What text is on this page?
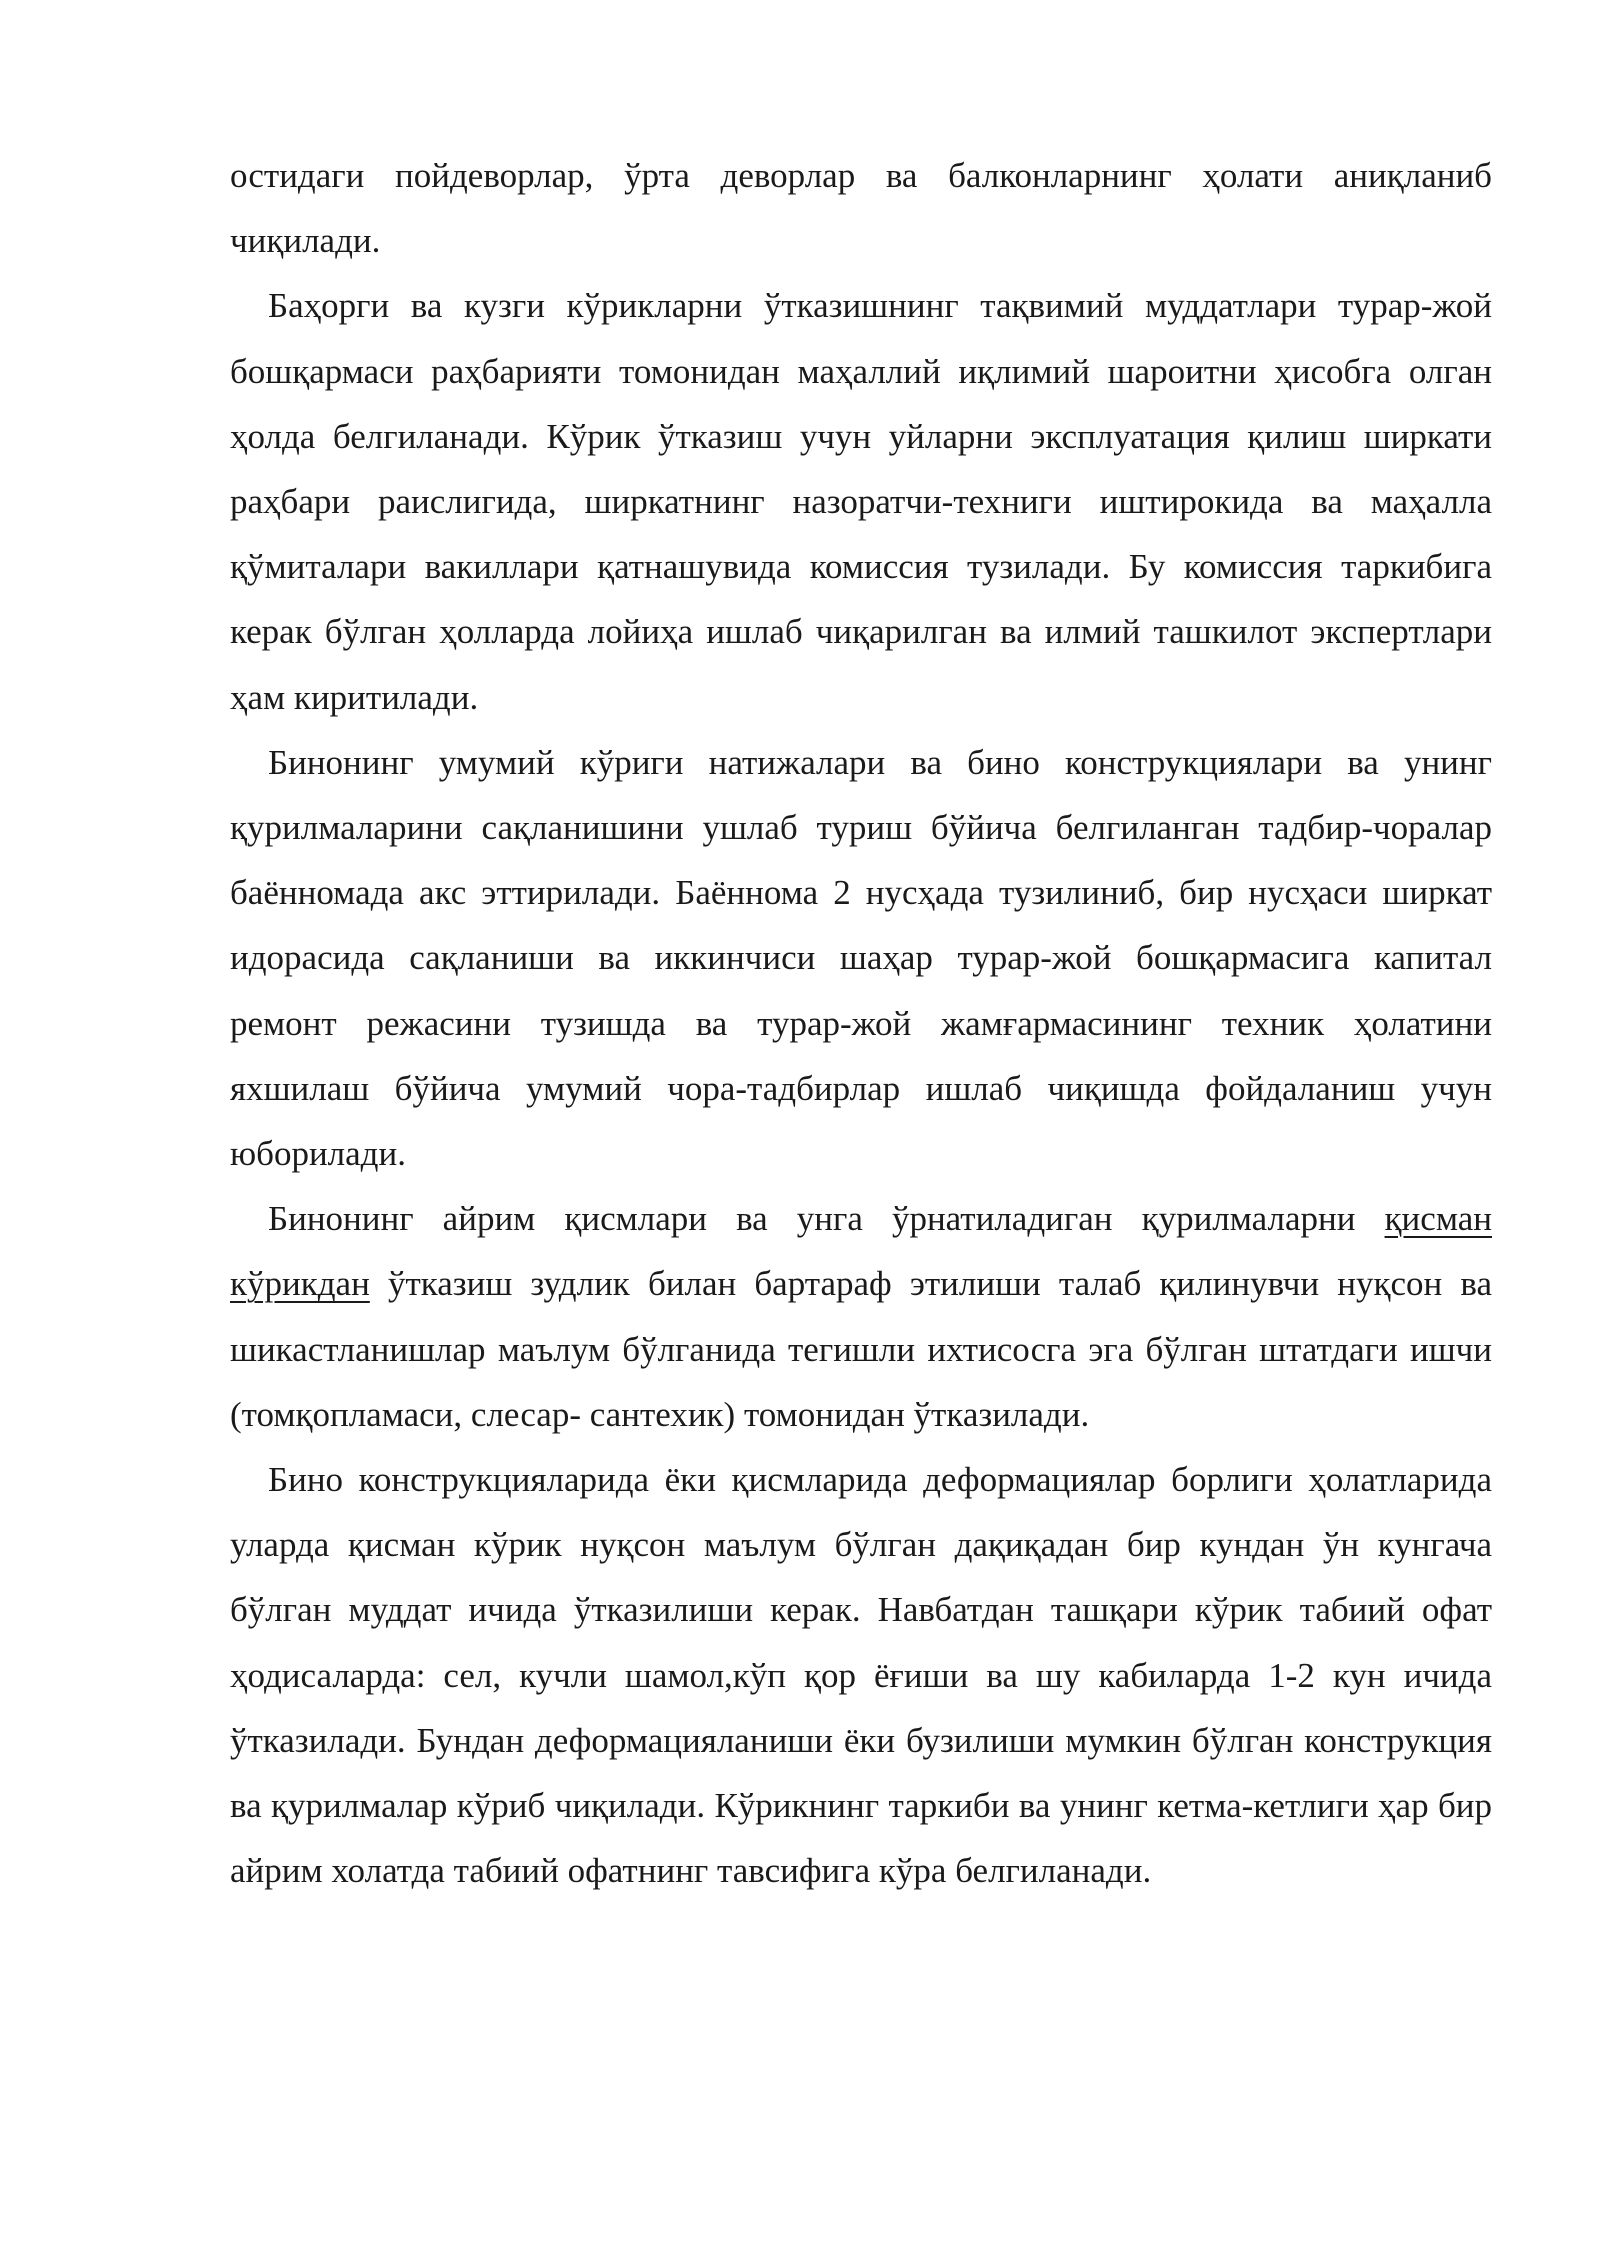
остидаги пойдеворлар, ўрта деворлар ва балконларнинг ҳолати аниқланиб чиқилади.

Баҳорги ва кузги кўрикларни ўтказишнинг тақвимий муддатлари турар-жой бошқармаси раҳбарияти томонидан маҳаллий иқлимий шароитни ҳисобга олган ҳолда белгиланади. Кўрик ўтказиш учун уйларни эксплуатация қилиш ширкати раҳбари раислигида, ширкатнинг назоратчи-техниги иштирокида ва маҳалла қўмиталари вакиллари қатнашувида комиссия тузилади. Бу комиссия таркибига керак бўлган ҳолларда лойиҳа ишлаб чиқарилган ва илмий ташкилот экспертлари ҳам киритилади.

Бинонинг умумий кўриги натижалари ва бино конструкциялари ва унинг қурилмаларини сақланишини ушлаб туриш бўйича белгиланган тадбир-чоралар баённомада акс эттирилади. Баённома 2 нусҳада тузилиниб, бир нусҳаси ширкат идорасида сақланиши ва иккинчиси шаҳар турар-жой бошқармасига капитал ремонт режасини тузишда ва турар-жой жамғармасининг техник ҳолатини яхшилаш бўйича умумий чора-тадбирлар ишлаб чиқишда фойдаланиш учун юборилади.

Бинонинг айрим қисмлари ва унга ўрнатиладиган қурилмаларни қисман кўрикдан ўтказиш зудлик билан бартараф этилиши талаб қилинувчи нуқсон ва шикастланишлар маълум бўлганида тегишли ихтисосга эга бўлган штатдаги ишчи (томқопламаси, слесар- сантехик) томонидан ўтказилади.

Бино конструкцияларида ёки қисмларида деформациялар борлиги ҳолатларида уларда қисман кўрик нуқсон маълум бўлган дақиқадан бир кундан ўн кунгача бўлган муддат ичида ўтказилиши керак. Навбатдан ташқари кўрик табиий офат ҳодисаларда: сел, кучли шамол,кўп қор ёғиши ва шу кабиларда 1-2 кун ичида ўтказилади. Бундан деформацияланиши ёки бузилиши мумкин бўлган конструкция ва қурилмалар кўриб чиқилади. Кўрикнинг таркиби ва унинг кетма-кетлиги ҳар бир айрим холатда табиий офатнинг тавсифига кўра белгиланади.
